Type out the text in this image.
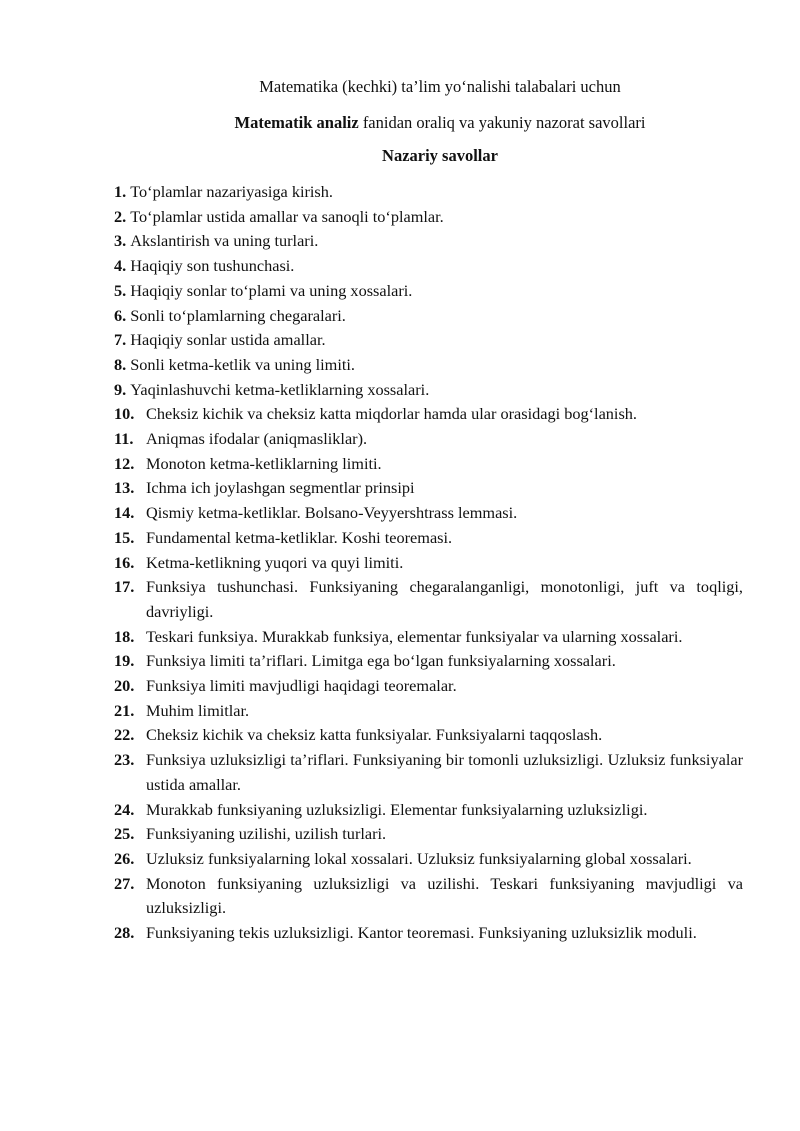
Matematika (kechki) ta’lim yo‘nalishi talabalari uchun
Matematik analiz fanidan oraliq va yakuniy nazorat savollari
Nazariy savollar
1. To‘plamlar nazariyasiga kirish.
2. To‘plamlar ustida amallar va sanoqli to‘plamlar.
3. Akslantirish va uning turlari.
4. Haqiqiy son tushunchasi.
5. Haqiqiy sonlar to‘plami va uning xossalari.
6. Sonli to‘plamlarning chegaralari.
7. Haqiqiy sonlar ustida amallar.
8. Sonli ketma-ketlik va uning limiti.
9. Yaqinlashuvchi ketma-ketliklarning xossalari.
10. Cheksiz kichik va cheksiz katta miqdorlar hamda ular orasidagi bog‘lanish.
11. Aniqmas ifodalar (aniqmasliklar).
12. Monoton ketma-ketliklarning limiti.
13. Ichma ich joylashgan segmentlar prinsipi
14. Qismiy ketma-ketliklar. Bolsano-Veyyershtrass lemmasi.
15. Fundamental ketma-ketliklar. Koshi teoremasi.
16. Ketma-ketlikning yuqori va quyi limiti.
17. Funksiya tushunchasi. Funksiyaning chegaralanganligi, monotonligi, juft va toqligi, davriyligi.
18. Teskari funksiya. Murakkab funksiya, elementar funksiyalar va ularning xossalari.
19. Funksiya limiti ta’riflari. Limitga ega bo‘lgan funksiyalarning xossalari.
20. Funksiya limiti mavjudligi haqidagi teoremalar.
21. Muhim limitlar.
22. Cheksiz kichik va cheksiz katta funksiyalar. Funksiyalarni taqqoslash.
23. Funksiya uzluksizligi ta’riflari. Funksiyaning bir tomonli uzluksizligi. Uzluksiz funksiyalar ustida amallar.
24. Murakkab funksiyaning uzluksizligi. Elementar funksiyalarning uzluksizligi.
25. Funksiyaning uzilishi, uzilish turlari.
26. Uzluksiz funksiyalarning lokal xossalari. Uzluksiz funksiyalarning global xossalari.
27. Monoton funksiyaning uzluksizligi va uzilishi. Teskari funksiyaning mavjudligi va uzluksizligi.
28. Funksiyaning tekis uzluksizligi. Kantor teoremasi. Funksiyaning uzluksizlik moduli.
